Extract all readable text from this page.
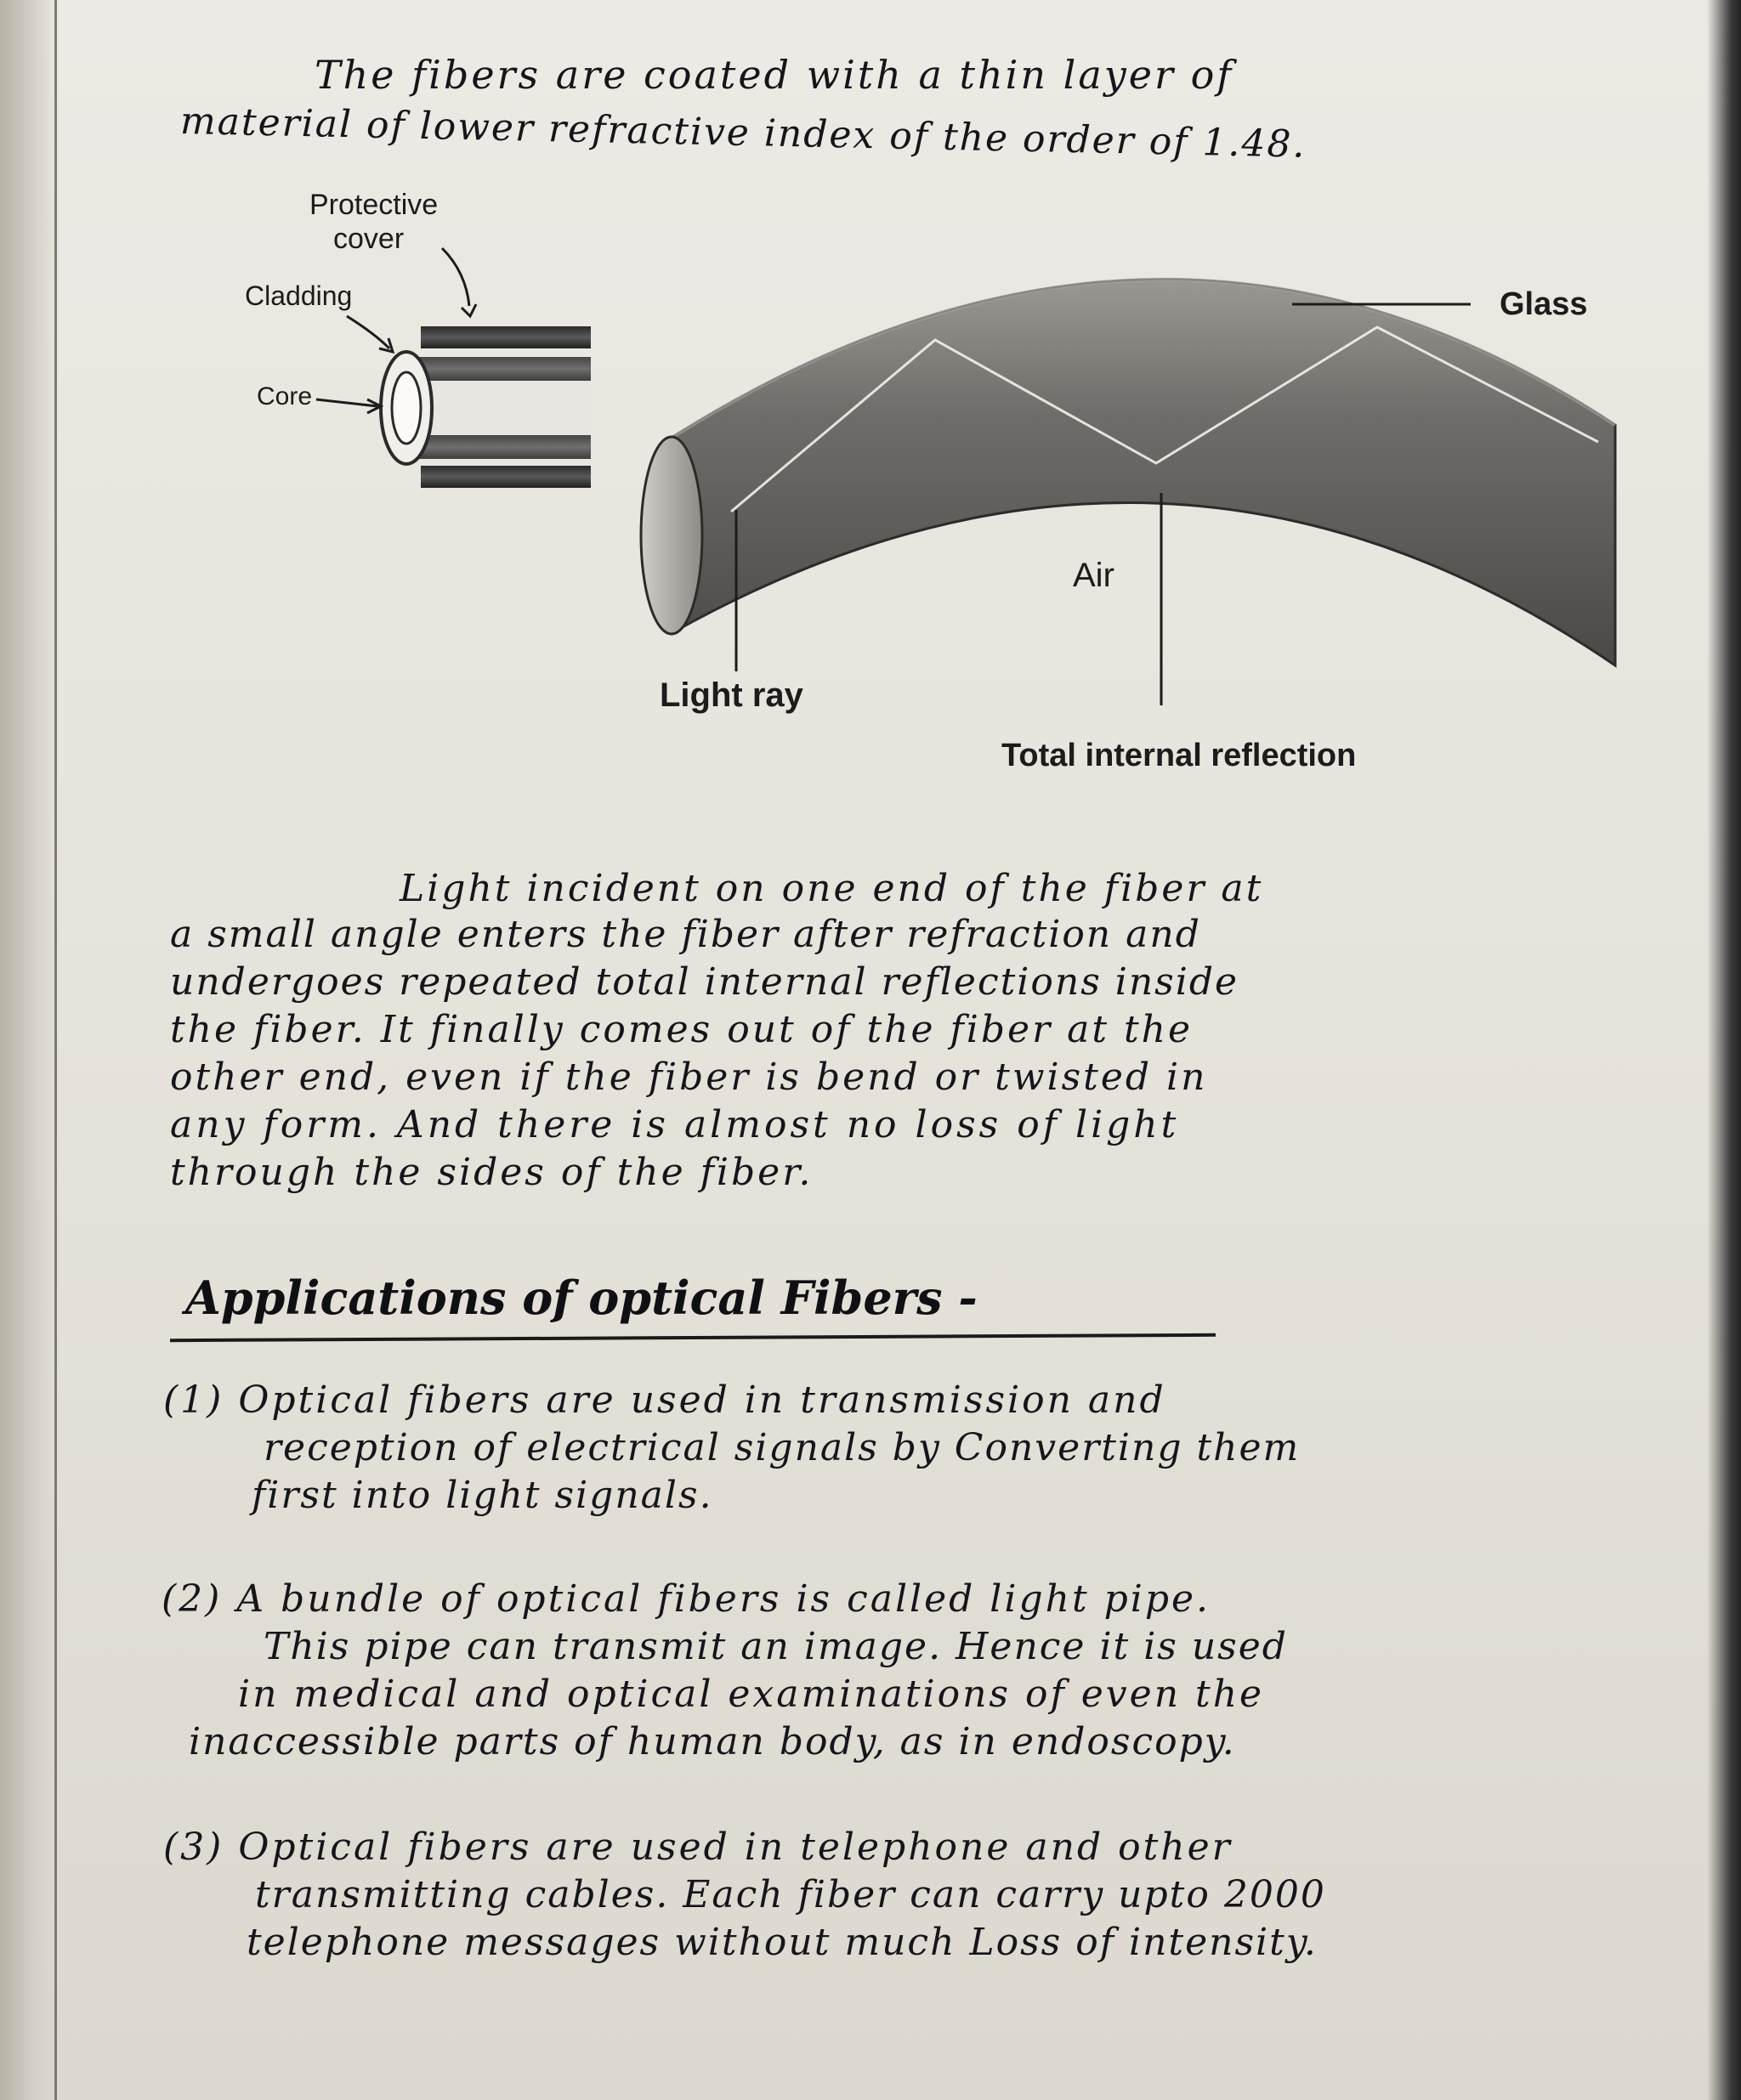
The fibers are coated with a thin layer of

material of lower refractive index of the order of 1.48.

Protective

cover

Cladding

Core

Glass

Air

Light ray

Total internal reflection

Light incident on one end of the fiber at

a small angle enters the fiber after refraction and

undergoes repeated total internal reflections inside

the fiber. It finally comes out of the fiber at the

other end, even if the fiber is bend or twisted in

any form. And there is almost no loss of light

through the sides of the fiber.

Applications of optical Fibers -

(1) Optical fibers are used in transmission and

reception of electrical signals by Converting them

first into light signals.

(2) A bundle of optical fibers is called light pipe.

This pipe can transmit an image. Hence it is used

in medical and optical examinations of even the

inaccessible parts of human body, as in endoscopy.

(3) Optical fibers are used in telephone and other

transmitting cables. Each fiber can carry upto 2000

telephone messages without much Loss of intensity.
